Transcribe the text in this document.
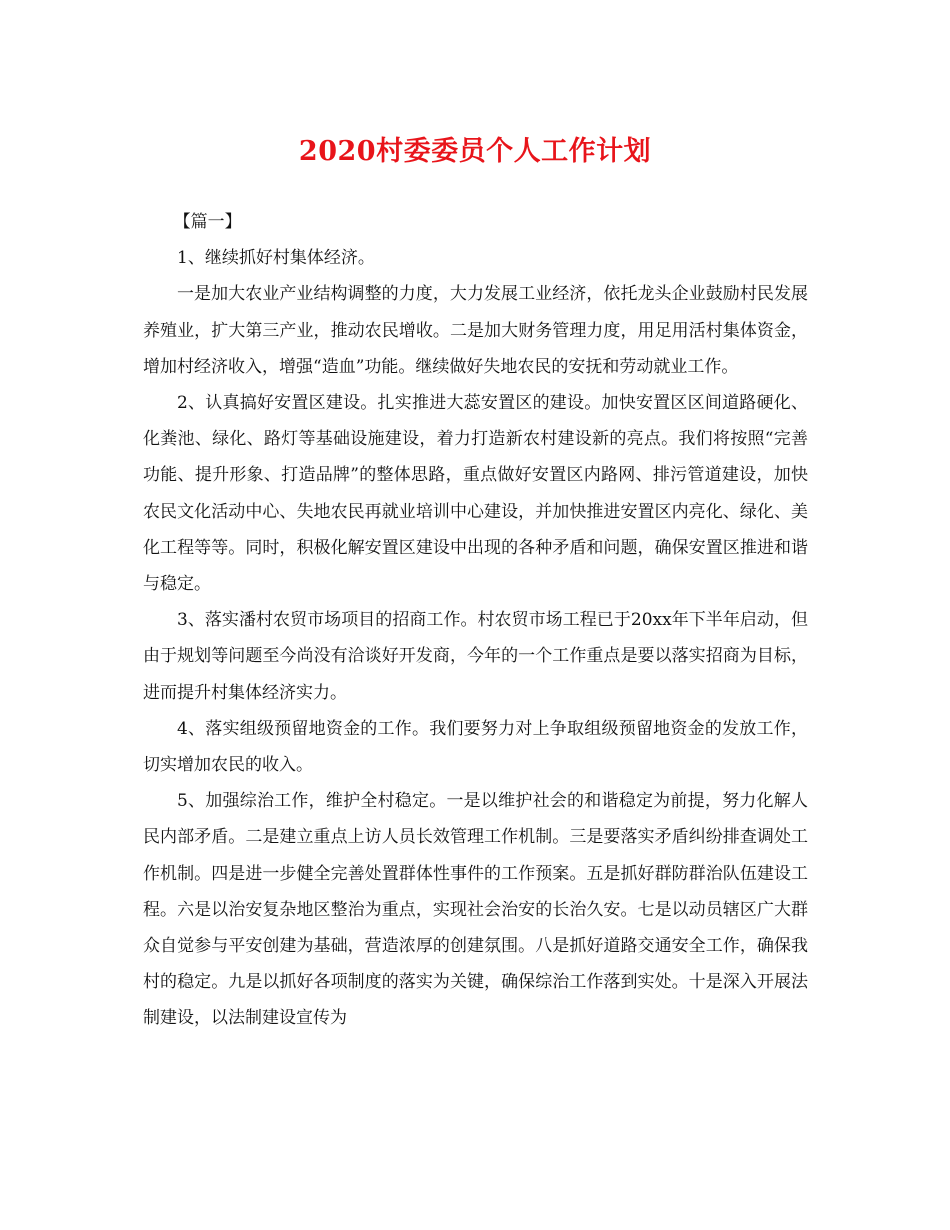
2020村委委员个人工作计划

【篇一】

1、继续抓好村集体经济。

一是加大农业产业结构调整的力度，大力发展工业经济，依托龙头企业鼓励村民发展养殖业，扩大第三产业，推动农民增收。二是加大财务管理力度，用足用活村集体资金，增加村经济收入，增强“造血”功能。继续做好失地农民的安抚和劳动就业工作。

2、认真搞好安置区建设。扎实推进大蕊安置区的建设。加快安置区区间道路硬化、化粪池、绿化、路灯等基础设施建设，着力打造新农村建设新的亮点。我们将按照“完善功能、提升形象、打造品牌”的整体思路，重点做好安置区内路网、排污管道建设，加快农民文化活动中心、失地农民再就业培训中心建设，并加快推进安置区内亮化、绿化、美化工程等等。同时，积极化解安置区建设中出现的各种矛盾和问题，确保安置区推进和谐与稳定。

3、落实潘村农贸市场项目的招商工作。村农贸市场工程已于20xx年下半年启动，但由于规划等问题至今尚没有洽谈好开发商，今年的一个工作重点是要以落实招商为目标，进而提升村集体经济实力。

4、落实组级预留地资金的工作。我们要努力对上争取组级预留地资金的发放工作，切实增加农民的收入。

5、加强综治工作，维护全村稳定。一是以维护社会的和谐稳定为前提，努力化解人民内部矛盾。二是建立重点上访人员长效管理工作机制。三是要落实矛盾纠纷排查调处工作机制。四是进一步健全完善处置群体性事件的工作预案。五是抓好群防群治队伍建设工程。六是以治安复杂地区整治为重点，实现社会治安的长治久安。七是以动员辖区广大群众自觉参与平安创建为基础，营造浓厚的创建氛围。八是抓好道路交通安全工作，确保我村的稳定。九是以抓好各项制度的落实为关键，确保综治工作落到实处。十是深入开展法制建设，以法制建设宣传为
